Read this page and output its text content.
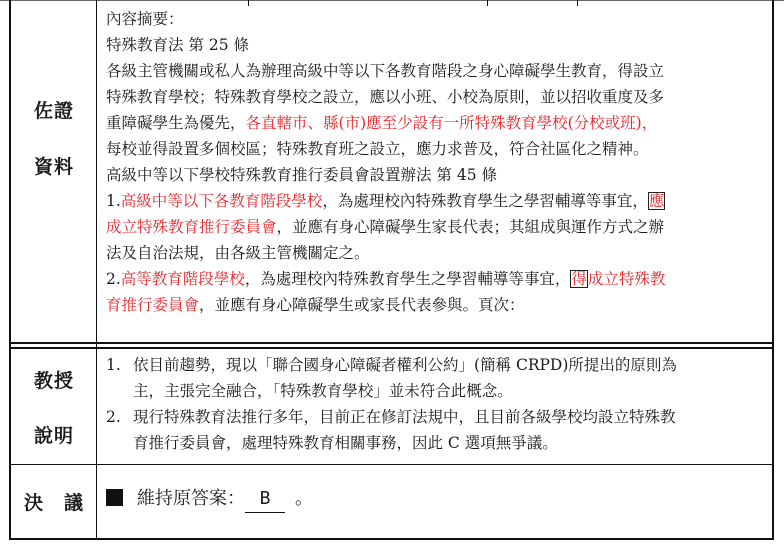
佐證
資料
內容摘要：
特殊教育法 第 25 條
各級主管機關或私人為辦理高級中等以下各教育階段之身心障礙學生教育，得設立
特殊教育學校；特殊教育學校之設立，應以小班、小校為原則，並以招收重度及多
重障礙學生為優先，各直轄市、縣(市)應至少設有一所特殊教育學校(分校或班)，
每校並得設置多個校區；特殊教育班之設立，應力求普及，符合社區化之精神。
高級中等以下學校特殊教育推行委員會設置辦法 第 45 條
1.高級中等以下各教育階段學校，為處理校內特殊教育學生之學習輔導等事宜，應
成立特殊教育推行委員會，並應有身心障礙學生家長代表；其組成與運作方式之辦
法及自治法規，由各級主管機關定之。
2.高等教育階段學校，為處理校內特殊教育學生之學習輔導等事宜，得成立特殊教
育推行委員會，並應有身心障礙學生或家長代表參與。頁次：
教授
說明
1. 依目前趨勢，現以「聯合國身心障礙者權利公約」(簡稱 CRPD)所提出的原則為
主，主張完全融合，「特殊教育學校」並未符合此概念。
2. 現行特殊教育法推行多年，目前正在修訂法規中，且目前各級學校均設立特殊教
育推行委員會，處理特殊教育相關事務，因此 C 選項無爭議。
決　議	維持原答案： B 。
